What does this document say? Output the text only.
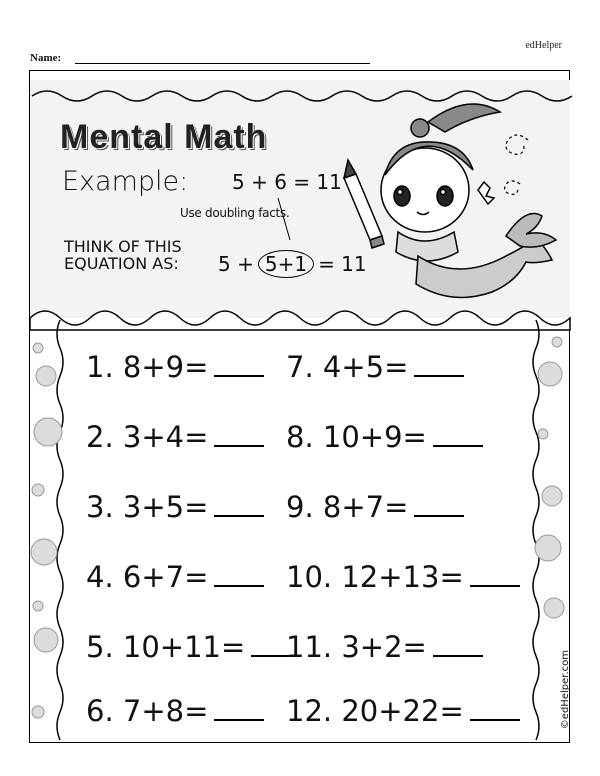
edHelper
Name:
Mental Math
Example: 5 + 6 = 11
Use doubling facts.
THINK OF THIS
EQUATION AS: 5 + 5+1 = 11
1. 8+9=	7. 4+5=
2. 3+4=	8. 10+9=
3. 3+5=	9. 8+7=
4. 6+7=	10. 12+13=
5. 10+11= 11. 3+2=
6. 7+8=	12. 20+22=	©edHelper.com
